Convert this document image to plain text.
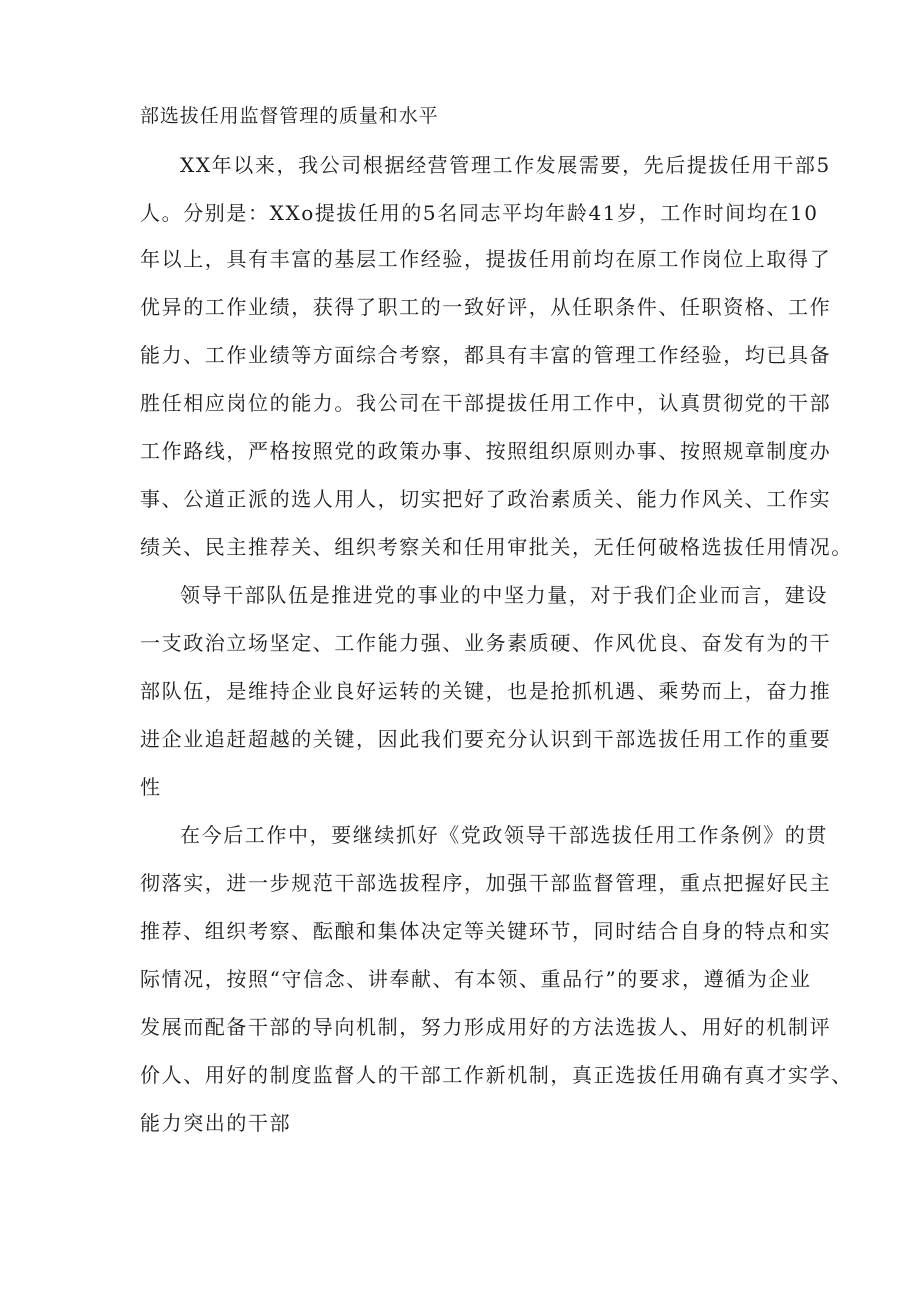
部选拔任用监督管理的质量和水平
XX年以来，我公司根据经营管理工作发展需要，先后提拔任用干部5
人。分别是：XXo提拔任用的5名同志平均年龄41岁，工作时间均在10
年以上，具有丰富的基层工作经验，提拔任用前均在原工作岗位上取得了
优异的工作业绩，获得了职工的一致好评，从任职条件、任职资格、工作
能力、工作业绩等方面综合考察，都具有丰富的管理工作经验，均已具备
胜任相应岗位的能力。我公司在干部提拔任用工作中，认真贯彻党的干部
工作路线，严格按照党的政策办事、按照组织原则办事、按照规章制度办
事、公道正派的选人用人，切实把好了政治素质关、能力作风关、工作实
绩关、民主推荐关、组织考察关和任用审批关，无任何破格选拔任用情况。
领导干部队伍是推进党的事业的中坚力量，对于我们企业而言，建设
一支政治立场坚定、工作能力强、业务素质硬、作风优良、奋发有为的干
部队伍，是维持企业良好运转的关键，也是抢抓机遇、乘势而上，奋力推
进企业追赶超越的关键，因此我们要充分认识到干部选拔任用工作的重要
性
在今后工作中，要继续抓好《党政领导干部选拔任用工作条例》的贯
彻落实，进一步规范干部选拔程序，加强干部监督管理，重点把握好民主
推荐、组织考察、酝酿和集体决定等关键环节，同时结合自身的特点和实
际情况，按照“守信念、讲奉献、有本领、重品行”的要求，遵循为企业
发展而配备干部的导向机制，努力形成用好的方法选拔人、用好的机制评
价人、用好的制度监督人的干部工作新机制，真正选拔任用确有真才实学、
能力突出的干部
